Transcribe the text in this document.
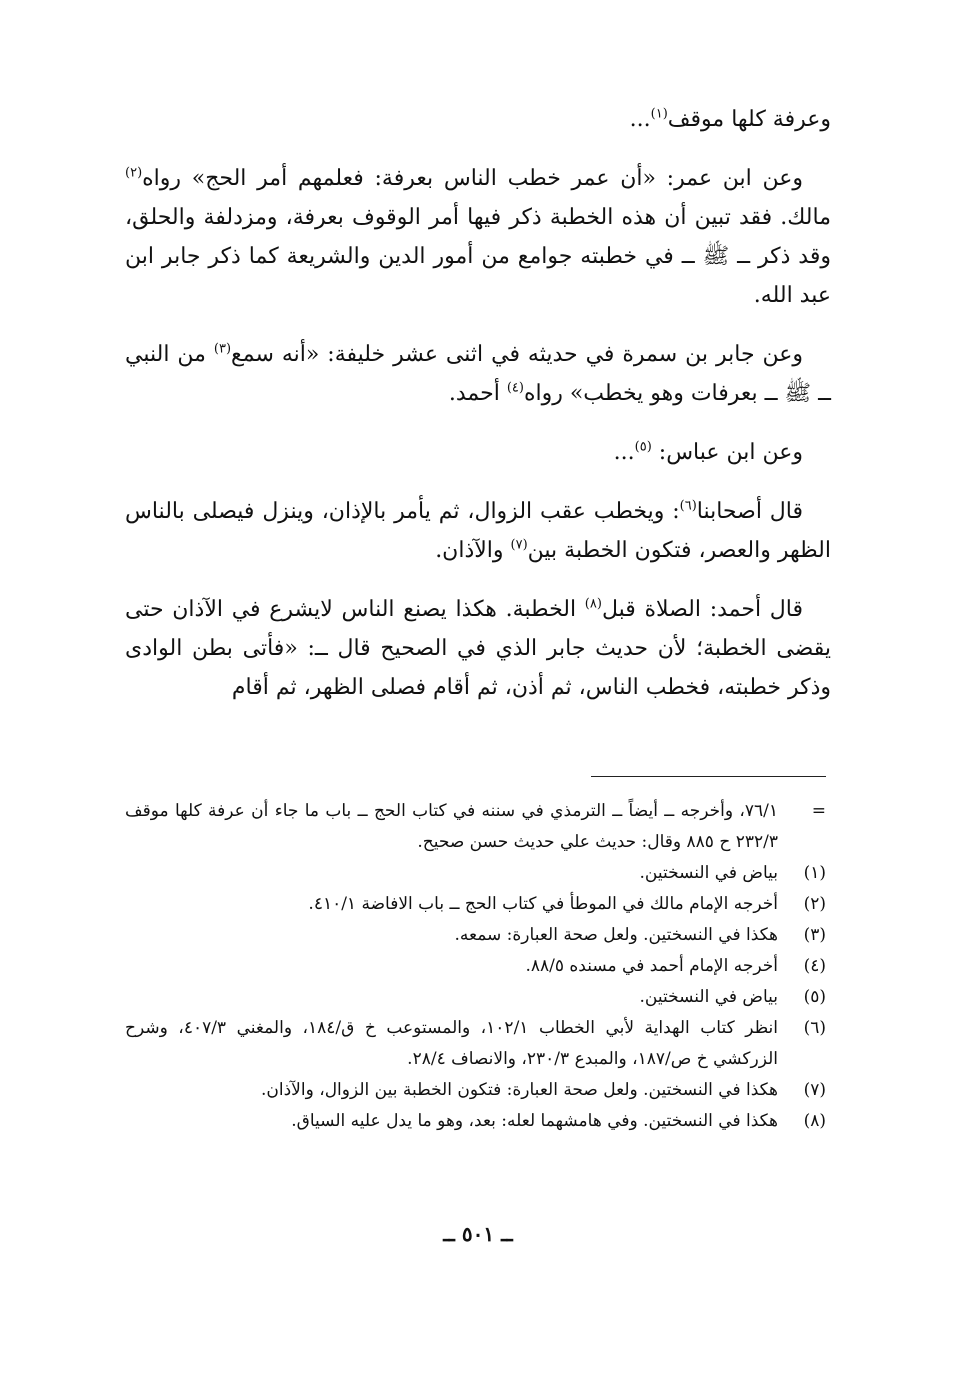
وعرفة كلها موقف$^{(١)}$...

وعن ابن عمر: «أن عمر خطب الناس بعرفة: فعلمهم أمر الحج» رواه$^{(٢)}$ مالك. فقد تبين أن هذه الخطبة ذكر فيها أمر الوقوف بعرفة، ومزدلفة والحلق، وقد ذكر ــ ﷺ ــ في خطبته جوامع من أمور الدين والشريعة كما ذكر جابر ابن عبد الله.

وعن جابر بن سمرة في حديثه في اثنى عشر خليفة: «أنه سمع$^{(٣)}$ من النبي ــ ﷺ ــ بعرفات وهو يخطب» رواه$^{(٤)}$ أحمد.

وعن ابن عباس: $^{(٥)}$...

قال أصحابنا$^{(٦)}$: ويخطب عقب الزوال، ثم يأمر بالإذان، وينزل فيصلى بالناس الظهر والعصر، فتكون الخطبة بين$^{(٧)}$ والآذان.

قال أحمد: الصلاة قبل$^{(٨)}$ الخطبة. هكذا يصنع الناس لايشرع في الآذان حتى يقضى الخطبة؛ لأن حديث جابر الذي في الصحيح قال ــ: «فأتى بطن الوادى وذكر خطبته، فخطب الناس، ثم أذن، ثم أقام فصلى الظهر، ثم أقام

=
٧٦/١، وأخرجه ــ أيضاً ــ الترمذي في سننه في كتاب الحج ــ باب ما جاء أن عرفة كلها موقف ٢٣٢/٣ ح ٨٨٥ وقال: حديث علي حديث حسن صحيح.
(١)
بياض في النسختين.
(٢)
أخرجه الإمام مالك في الموطأ في كتاب الحج ــ باب الافاضة ٤١٠/١.
(٣)
هكذا في النسختين. ولعل صحة العبارة: سمعه.
(٤)
أخرجه الإمام أحمد في مسنده ٨٨/٥.
(٥)
بياض في النسختين.
(٦)
انظر كتاب الهداية لأبي الخطاب ١٠٢/١، والمستوعب خ ق/١٨٤، والمغني ٤٠٧/٣، وشرح الزركشي خ ص/١٨٧، والمبدع ٢٣٠/٣، والانصاف ٢٨/٤.
(٧)
هكذا في النسختين. ولعل صحة العبارة: فتكون الخطبة بين الزوال، والآذان.
(٨)
هكذا في النسختين. وفي هامشهما لعله: بعد، وهو ما يدل عليه السياق.
ــ ٥٠١ ــ
